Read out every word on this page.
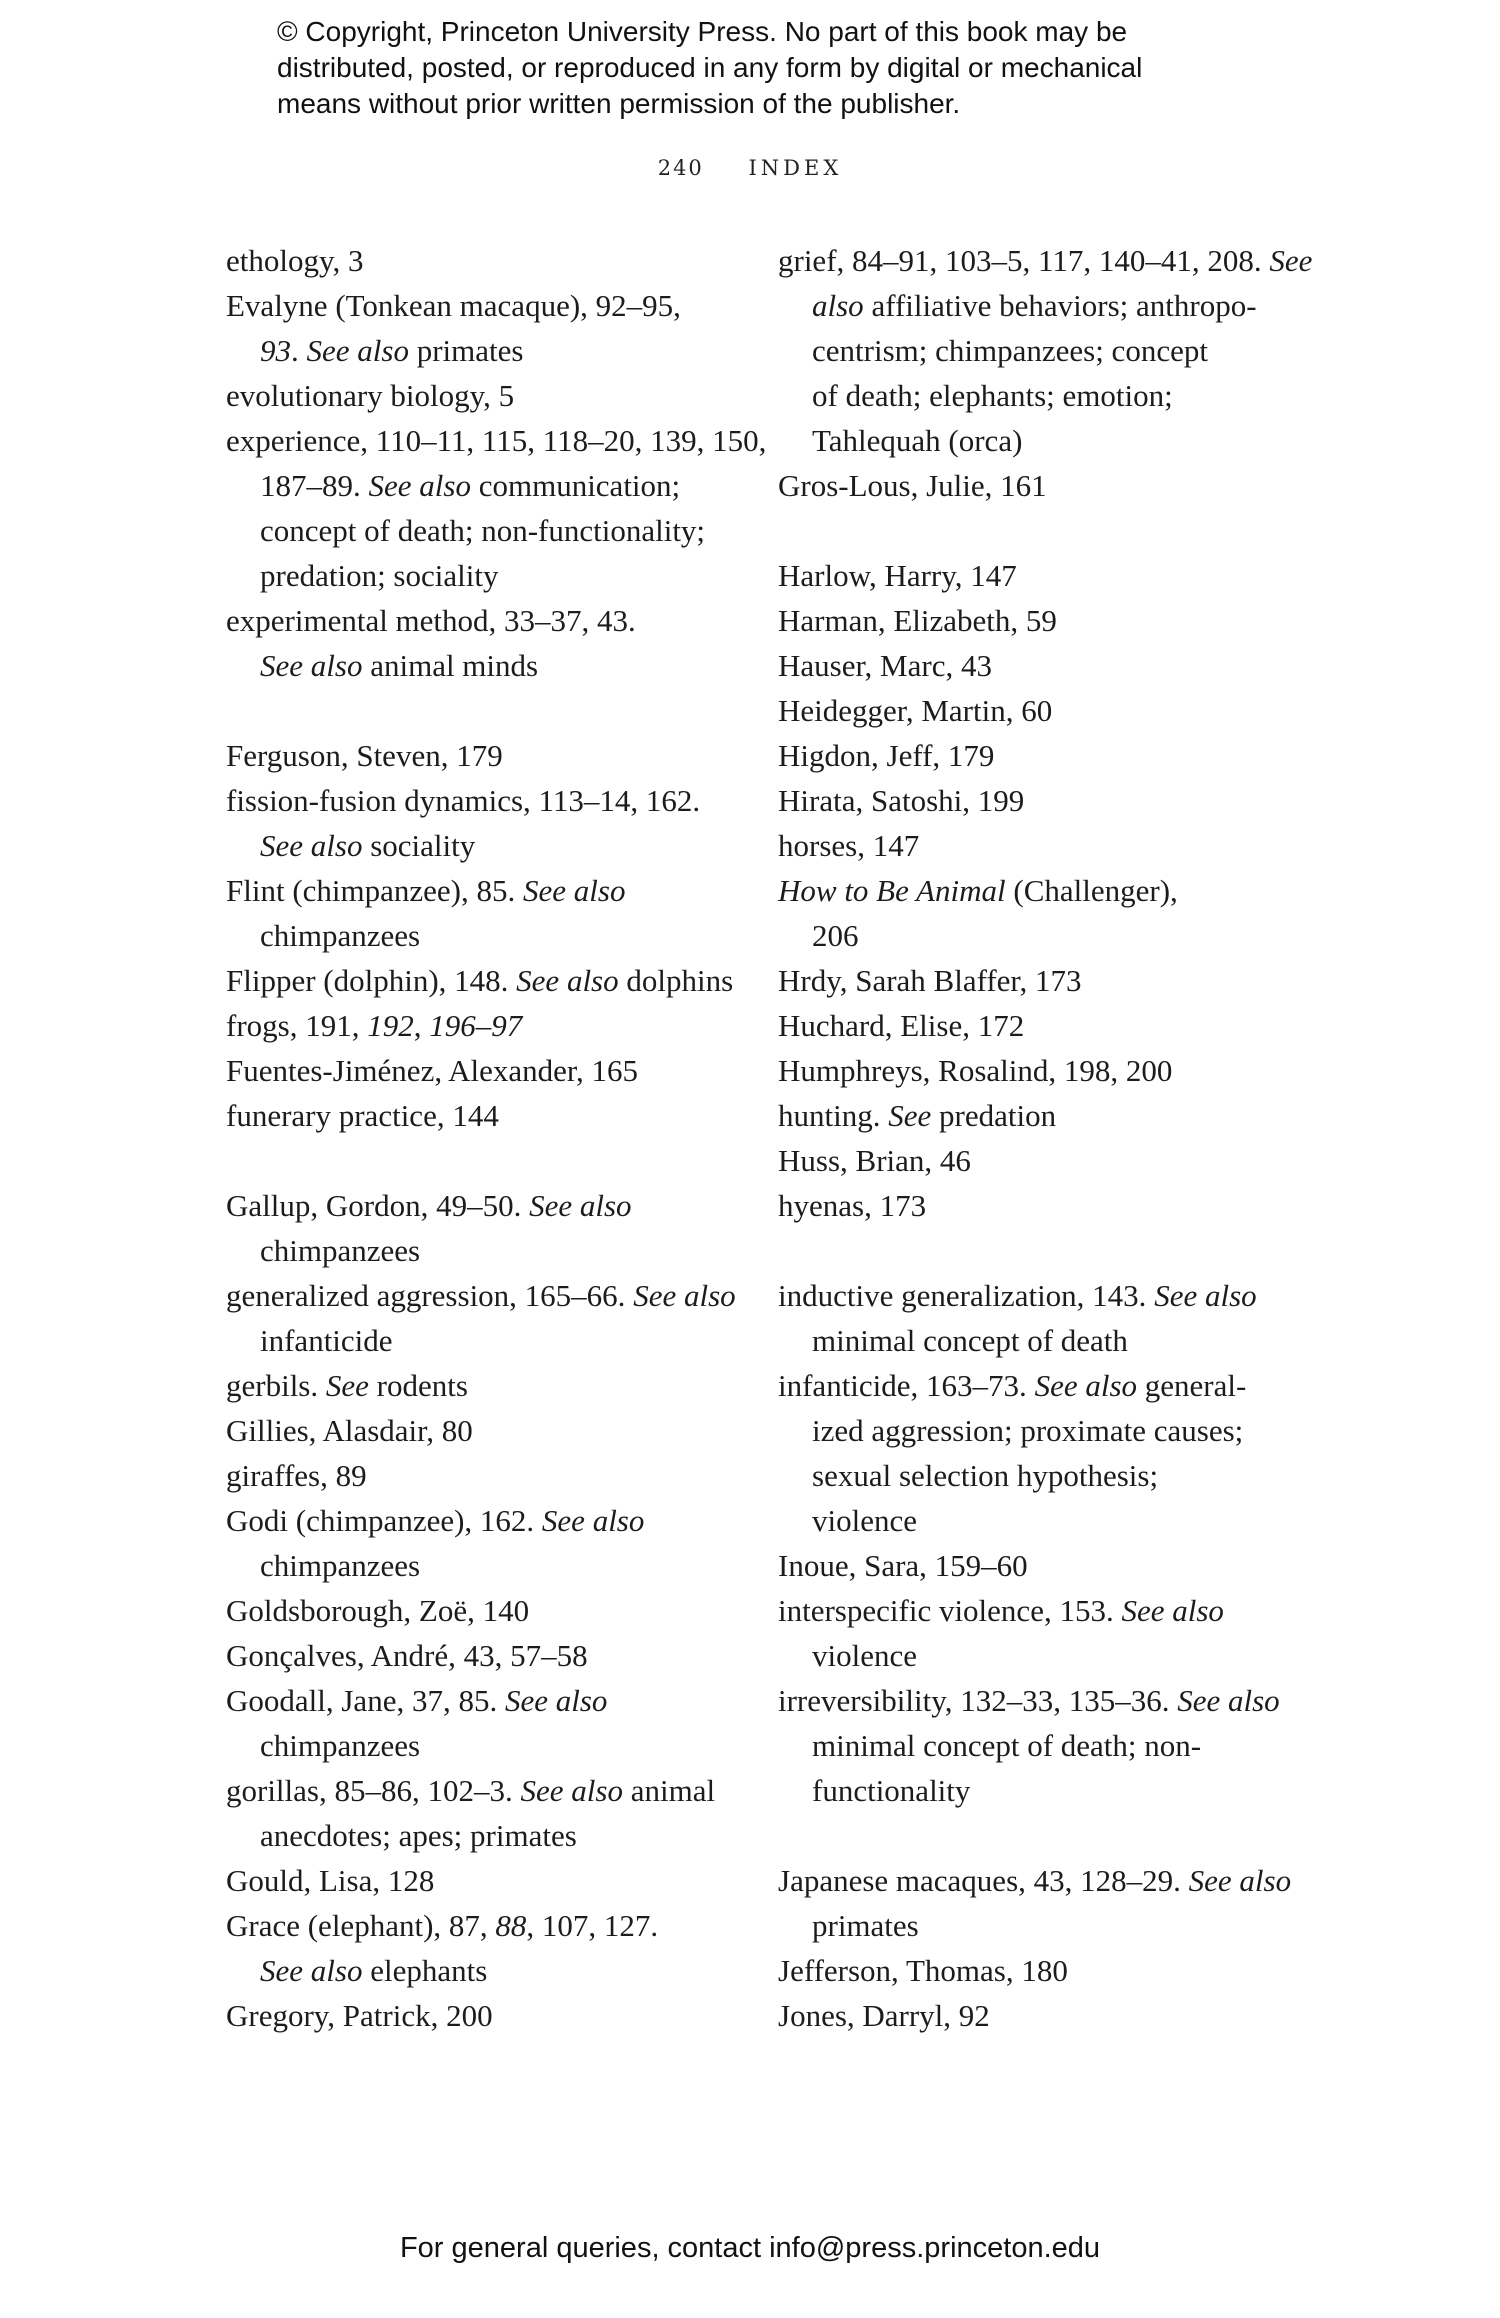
© Copyright, Princeton University Press. No part of this book may be
distributed, posted, or reproduced in any form by digital or mechanical
means without prior written permission of the publisher.
240 INDEX
ethology, 3
Evalyne (Tonkean macaque), 92–95,
93. See also primates
evolutionary biology, 5
experience, 110–11, 115, 118–20, 139, 150,
187–89. See also communication;
concept of death; non-functionality;
predation; sociality
experimental method, 33–37, 43.
See also animal minds
Ferguson, Steven, 179
fission-fusion dynamics, 113–14, 162.
See also sociality
Flint (chimpanzee), 85. See also
chimpanzees
Flipper (dolphin), 148. See also dolphins
frogs, 191, 192, 196–97
Fuentes-Jiménez, Alexander, 165
funerary practice, 144
Gallup, Gordon, 49–50. See also
chimpanzees
generalized aggression, 165–66. See also
infanticide
gerbils. See rodents
Gillies, Alasdair, 80
giraffes, 89
Godi (chimpanzee), 162. See also
chimpanzees
Goldsborough, Zoë, 140
Gonçalves, André, 43, 57–58
Goodall, Jane, 37, 85. See also
chimpanzees
gorillas, 85–86, 102–3. See also animal
anecdotes; apes; primates
Gould, Lisa, 128
Grace (elephant), 87, 88, 107, 127.
See also elephants
Gregory, Patrick, 200
grief, 84–91, 103–5, 117, 140–41, 208. See
also affiliative behaviors; anthropo-
centrism; chimpanzees; concept
of death; elephants; emotion;
Tahlequah (orca)
Gros-Lous, Julie, 161
Harlow, Harry, 147
Harman, Elizabeth, 59
Hauser, Marc, 43
Heidegger, Martin, 60
Higdon, Jeff, 179
Hirata, Satoshi, 199
horses, 147
How to Be Animal (Challenger),
206
Hrdy, Sarah Blaffer, 173
Huchard, Elise, 172
Humphreys, Rosalind, 198, 200
hunting. See predation
Huss, Brian, 46
hyenas, 173
inductive generalization, 143. See also
minimal concept of death
infanticide, 163–73. See also general-
ized aggression; proximate causes;
sexual selection hypothesis;
violence
Inoue, Sara, 159–60
interspecific violence, 153. See also
violence
irreversibility, 132–33, 135–36. See also
minimal concept of death; non-
functionality
Japanese macaques, 43, 128–29. See also
primates
Jefferson, Thomas, 180
Jones, Darryl, 92
For general queries, contact info@press.princeton.edu
